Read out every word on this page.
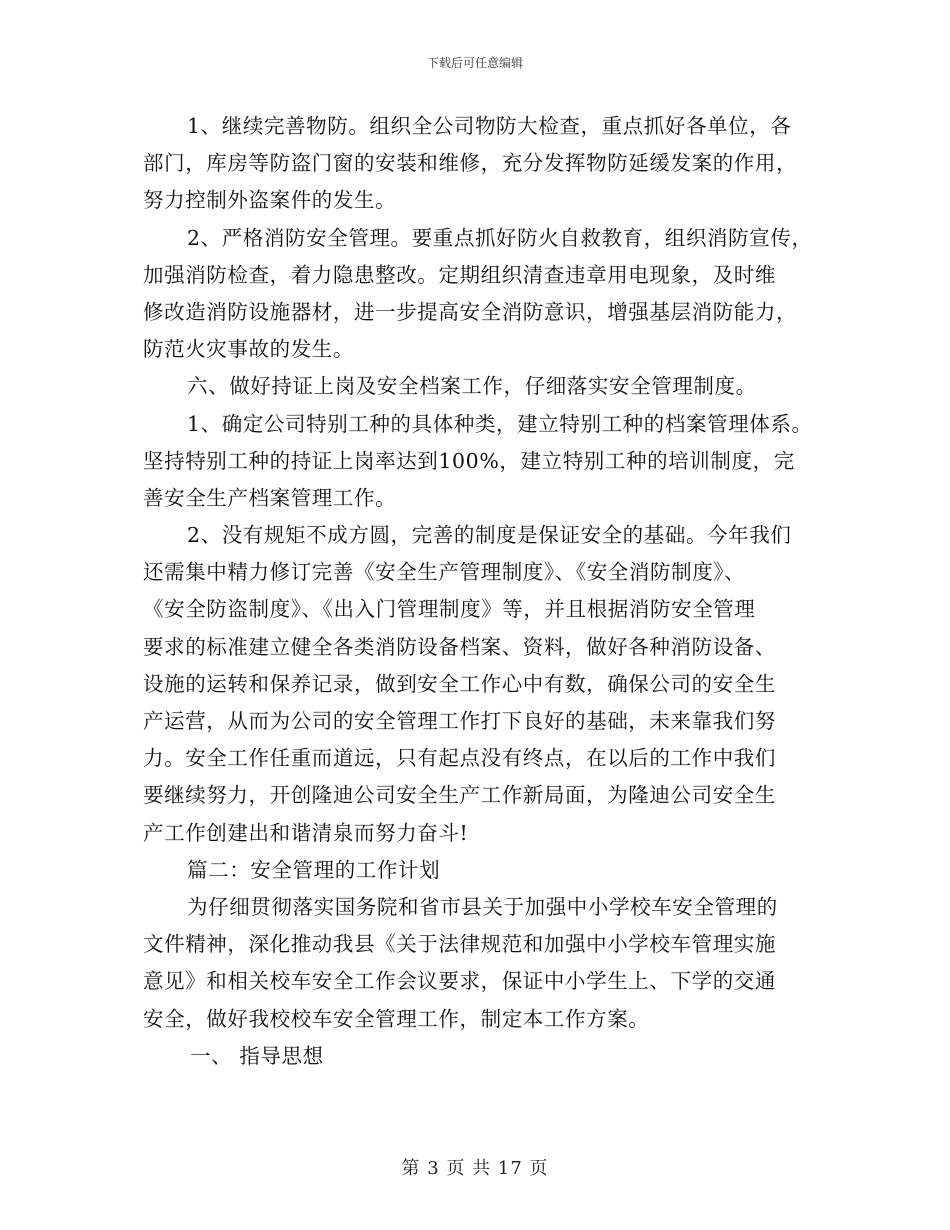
下载后可任意编辑
1、继续完善物防。组织全公司物防大检查，重点抓好各单位，各
部门，库房等防盗门窗的安装和维修，充分发挥物防延缓发案的作用，
努力控制外盗案件的发生。
2、严格消防安全管理。要重点抓好防火自救教育，组织消防宣传，
加强消防检查，着力隐患整改。定期组织清查违章用电现象，及时维
修改造消防设施器材，进一步提高安全消防意识，增强基层消防能力，
防范火灾事故的发生。
六、做好持证上岗及安全档案工作，仔细落实安全管理制度。
1、确定公司特别工种的具体种类，建立特别工种的档案管理体系。
坚持特别工种的持证上岗率达到100%，建立特别工种的培训制度，完
善安全生产档案管理工作。
2、没有规矩不成方圆，完善的制度是保证安全的基础。今年我们
还需集中精力修订完善《安全生产管理制度》、《安全消防制度》、
《安全防盗制度》、《出入门管理制度》等，并且根据消防安全管理
要求的标准建立健全各类消防设备档案、资料，做好各种消防设备、
设施的运转和保养记录，做到安全工作心中有数，确保公司的安全生
产运营，从而为公司的安全管理工作打下良好的基础，未来靠我们努
力。安全工作任重而道远，只有起点没有终点，在以后的工作中我们
要继续努力，开创隆迪公司安全生产工作新局面，为隆迪公司安全生
产工作创建出和谐清泉而努力奋斗!
篇二：安全管理的工作计划
为仔细贯彻落实国务院和省市县关于加强中小学校车安全管理的
文件精神，深化推动我县《关于法律规范和加强中小学校车管理实施
意见》和相关校车安全工作会议要求，保证中小学生上、下学的交通
安全，做好我校校车安全管理工作，制定本工作方案。
一、 指导思想
第 3 页 共 17 页
